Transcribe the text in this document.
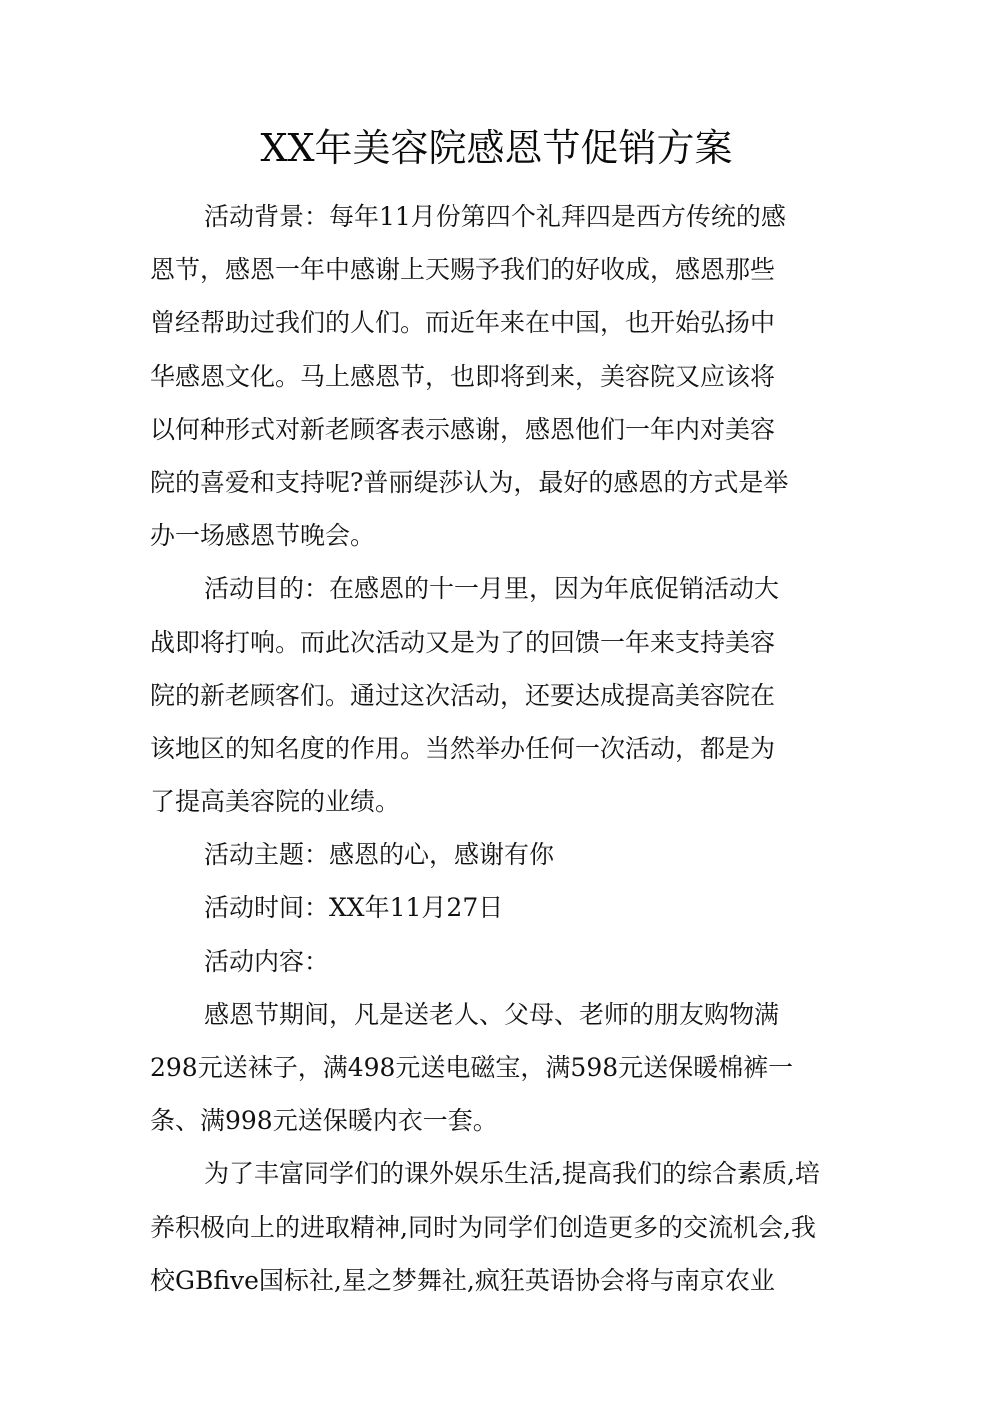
XX年美容院感恩节促销方案
活动背景：每年11月份第四个礼拜四是西方传统的感
恩节，感恩一年中感谢上天赐予我们的好收成，感恩那些
曾经帮助过我们的人们。而近年来在中国，也开始弘扬中
华感恩文化。马上感恩节，也即将到来，美容院又应该将
以何种形式对新老顾客表示感谢，感恩他们一年内对美容
院的喜爱和支持呢?普丽缇莎认为，最好的感恩的方式是举
办一场感恩节晚会。
活动目的：在感恩的十一月里，因为年底促销活动大
战即将打响。而此次活动又是为了的回馈一年来支持美容
院的新老顾客们。通过这次活动，还要达成提高美容院在
该地区的知名度的作用。当然举办任何一次活动，都是为
了提高美容院的业绩。
活动主题：感恩的心，感谢有你
活动时间：XX年11月27日
活动内容：
感恩节期间，凡是送老人、父母、老师的朋友购物满
298元送袜子，满498元送电磁宝，满598元送保暖棉裤一
条、满998元送保暖内衣一套。
为了丰富同学们的课外娱乐生活,提高我们的综合素质,培
养积极向上的进取精神,同时为同学们创造更多的交流机会,我
校GBfive国标社,星之梦舞社,疯狂英语协会将与南京农业
